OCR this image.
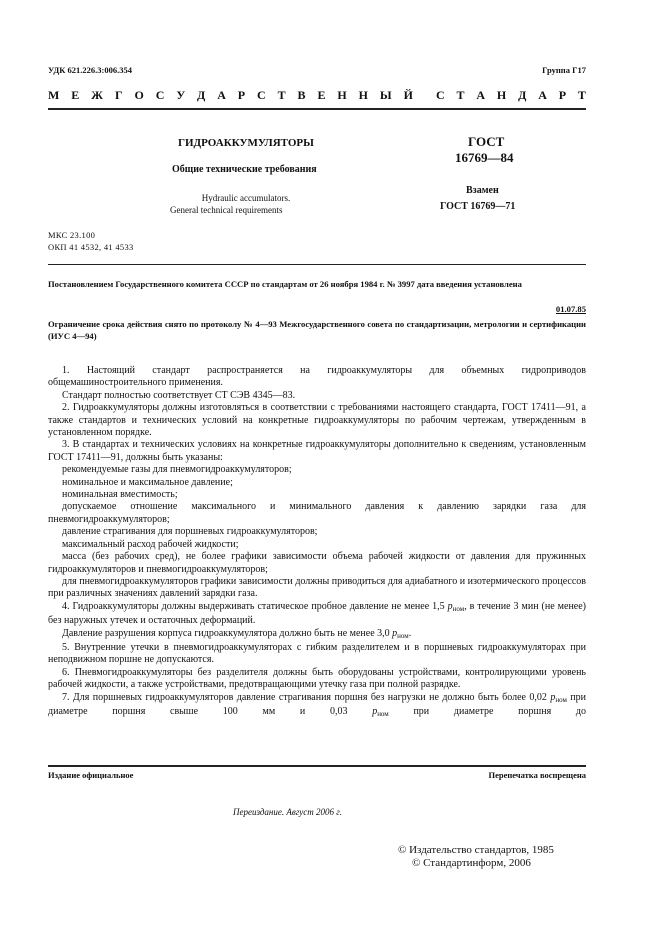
УДК 621.226.3:006.354	Группа Г17
М Е Ж Г О С У Д А Р С Т В Е Н Н Ы Й С Т А Н Д А Р Т
ГИДРОАККУМУЛЯТОРЫ
Общие технические требования
Hydraulic accumulators.
General technical requirements
ГОСТ
16769—84
Взамен
ГОСТ 16769—71
МКС 23.100
ОКП 41 4532, 41 4533
Постановлением Государственного комитета СССР по стандартам от 26 ноября 1984 г. № 3997 дата введения установлена
01.07.85
Ограничение срока действия снято по протоколу № 4—93 Межгосударственного совета по стандартизации, метрологии и сертификации (ИУС 4—94)

1. Настоящий стандарт распространяется на гидроаккумуляторы для объемных гидроприводов общемашиностроительного применения.

Стандарт полностью соответствует СТ СЭВ 4345—83.

2. Гидроаккумуляторы должны изготовляться в соответствии с требованиями настоящего стандарта, ГОСТ 17411—91, а также стандартов и технических условий на конкретные гидроаккумуляторы по рабочим чертежам, утвержденным в установленном порядке.

3. В стандартах и технических условиях на конкретные гидроаккумуляторы дополнительно к сведениям, установленным ГОСТ 17411—91, должны быть указаны:

рекомендуемые газы для пневмогидроаккумуляторов;

номинальное и максимальное давление;

номинальная вместимость;

допускаемое отношение максимального и минимального давления к давлению зарядки газа для пневмогидроаккумуляторов;

давление страгивания для поршневых гидроаккумуляторов;

максимальный расход рабочей жидкости;

масса (без рабочих сред), не более графики зависимости объема рабочей жидкости от давления для пружинных гидроаккумуляторов и пневмогидроаккумуляторов;

для пневмогидроаккумуляторов графики зависимости должны приводиться для адиабатного и изотермического процессов при различных значениях давлений зарядки газа.

4. Гидроаккумуляторы должны выдерживать статическое пробное давление не менее 1,5 $p_{ном}$, в течение 3 мин (не менее) без наружных утечек и остаточных деформаций.

Давление разрушения корпуса гидроаккумулятора должно быть не менее 3,0 $p_{ном}$.

5. Внутренние утечки в пневмогидроаккумуляторах с гибким разделителем и в поршневых гидроаккумуляторах при неподвижном поршне не допускаются.

6. Пневмогидроаккумуляторы без разделителя должны быть оборудованы устройствами, контролирующими уровень рабочей жидкости, а также устройствами, предотвращающими утечку газа при полной разрядке.

7. Для поршневых гидроаккумуляторов давление страгивания поршня без нагрузки не должно быть более 0,02 $p_{ном}$ при диаметре поршня свыше 100 мм и 0,03 $p_{ном}$ при диаметре поршня до

Издание официальное	Перепечатка воспрещена
Переиздание. Август 2006 г.
© Издательство стандартов, 1985
© Стандартинформ, 2006
